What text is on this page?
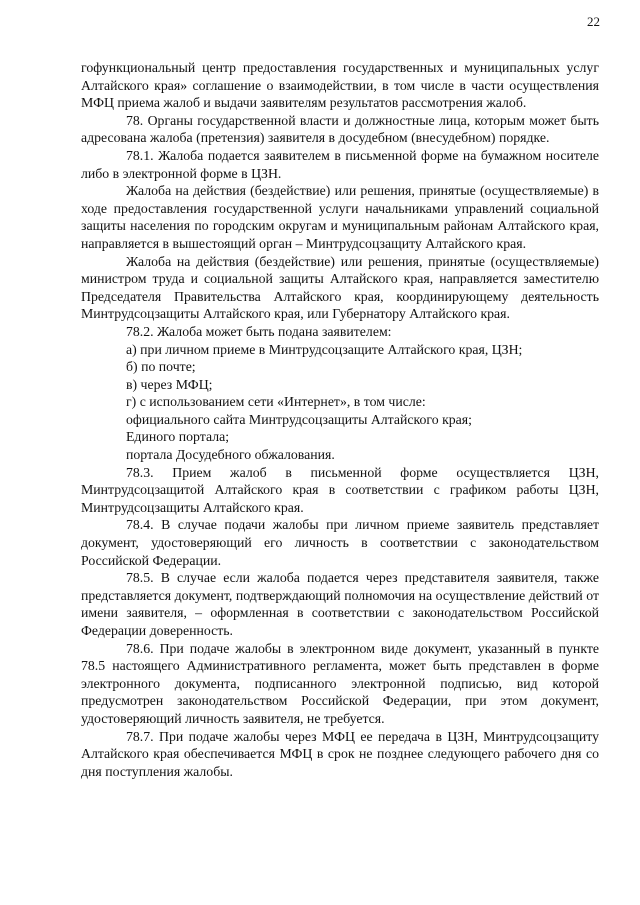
22

гофункциональный центр предоставления государственных и муниципальных услуг Алтайского края» соглашение о взаимодействии, в том числе в части осуществления МФЦ приема жалоб и выдачи заявителям результатов рассмотрения жалоб.

78. Органы государственной власти и должностные лица, которым может быть адресована жалоба (претензия) заявителя в досудебном (внесудебном) порядке.

78.1. Жалоба подается заявителем в письменной форме на бумажном носителе либо в электронной форме в ЦЗН.

Жалоба на действия (бездействие) или решения, принятые (осуществляемые) в ходе предоставления государственной услуги начальниками управлений социальной защиты населения по городским округам и муниципальным районам Алтайского края, направляется в вышестоящий орган – Минтрудсоцзащиту Алтайского края.

Жалоба на действия (бездействие) или решения, принятые (осуществляемые) министром труда и социальной защиты Алтайского края, направляется заместителю Председателя Правительства Алтайского края, координирующему деятельность Минтрудсоцзащиты Алтайского края, или Губернатору Алтайского края.

78.2. Жалоба может быть подана заявителем:

а) при личном приеме в Минтрудсоцзащите Алтайского края, ЦЗН;

б) по почте;

в) через МФЦ;

г) с использованием сети «Интернет», в том числе:

официального сайта Минтрудсоцзащиты Алтайского края;

Единого портала;

портала Досудебного обжалования.

78.3. Прием жалоб в письменной форме осуществляется ЦЗН, Минтрудсоцзащитой Алтайского края в соответствии с графиком работы ЦЗН, Минтрудсоцзащиты Алтайского края.

78.4. В случае подачи жалобы при личном приеме заявитель представляет документ, удостоверяющий его личность в соответствии с законодательством Российской Федерации.

78.5. В случае если жалоба подается через представителя заявителя, также представляется документ, подтверждающий полномочия на осуществление действий от имени заявителя, – оформленная в соответствии с законодательством Российской Федерации доверенность.

78.6. При подаче жалобы в электронном виде документ, указанный в пункте 78.5 настоящего Административного регламента, может быть представлен в форме электронного документа, подписанного электронной подписью, вид которой предусмотрен законодательством Российской Федерации, при этом документ, удостоверяющий личность заявителя, не требуется.

78.7. При подаче жалобы через МФЦ ее передача в ЦЗН, Минтрудсоцзащиту Алтайского края обеспечивается МФЦ в срок не позднее следующего рабочего дня со дня поступления жалобы.
